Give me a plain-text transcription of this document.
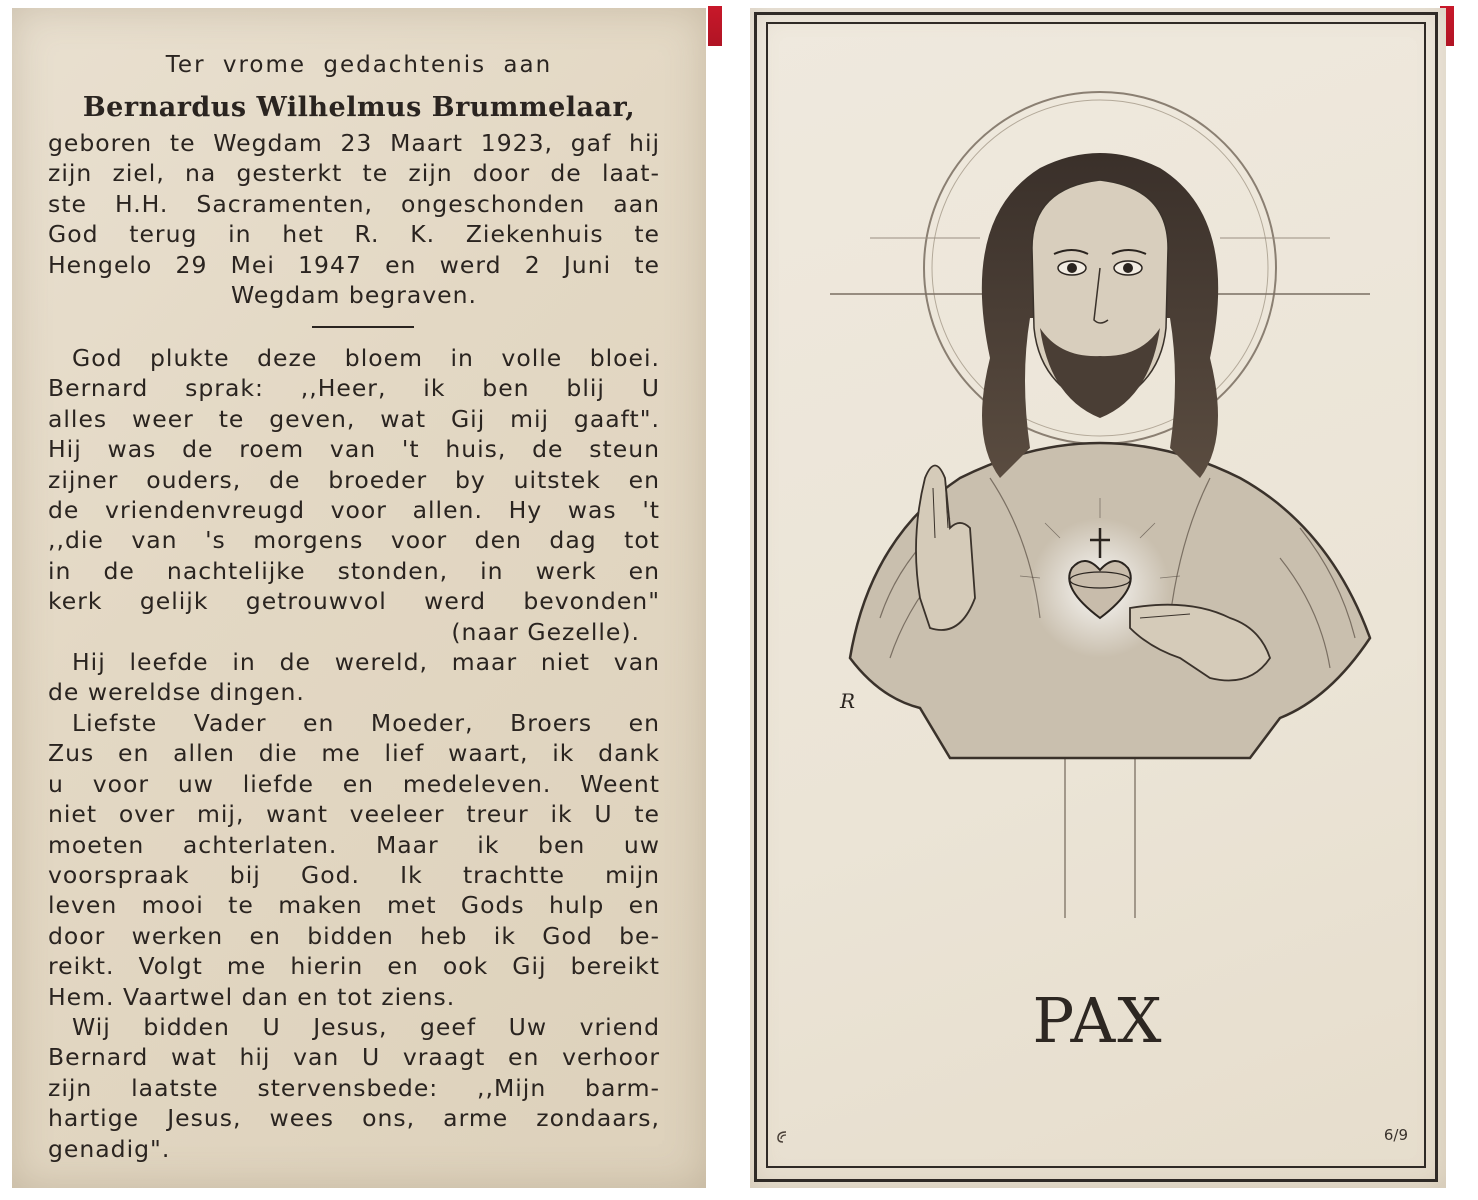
Ter vrome gedachtenis aan
Bernardus Wilhelmus Brummelaar,
geboren te Wegdam 23 Maart 1923, gaf hij
zijn ziel, na gesterkt te zijn door de laat-
ste H.H. Sacramenten, ongeschonden aan
God terug in het R. K. Ziekenhuis te
Hengelo 29 Mei 1947 en werd 2 Juni te
Wegdam begraven.
God plukte deze bloem in volle bloei.
Bernard sprak: ,,Heer, ik ben blij U
alles weer te geven, wat Gij mij gaaft".
Hij was de roem van 't huis, de steun
zijner ouders, de broeder by uitstek en
de vriendenvreugd voor allen. Hy was 't
,,die van 's morgens voor den dag tot
in de nachtelijke stonden, in werk en
kerk gelijk getrouwvol werd bevonden"
(naar Gezelle).
Hij leefde in de wereld, maar niet van
de wereldse dingen.
Liefste Vader en Moeder, Broers en
Zus en allen die me lief waart, ik dank
u voor uw liefde en medeleven. Weent
niet over mij, want veeleer treur ik U te
moeten achterlaten. Maar ik ben uw
voorspraak bij God. Ik trachtte mijn
leven mooi te maken met Gods hulp en
door werken en bidden heb ik God be-
reikt. Volgt me hierin en ook Gij bereikt
Hem. Vaartwel dan en tot ziens.
Wij bidden U Jesus, geef Uw vriend
Bernard wat hij van U vraagt en verhoor
zijn laatste stervensbede: ,,Mijn barm-
hartige Jesus, wees ons, arme zondaars,
genadig".
R
PAX
6/9
